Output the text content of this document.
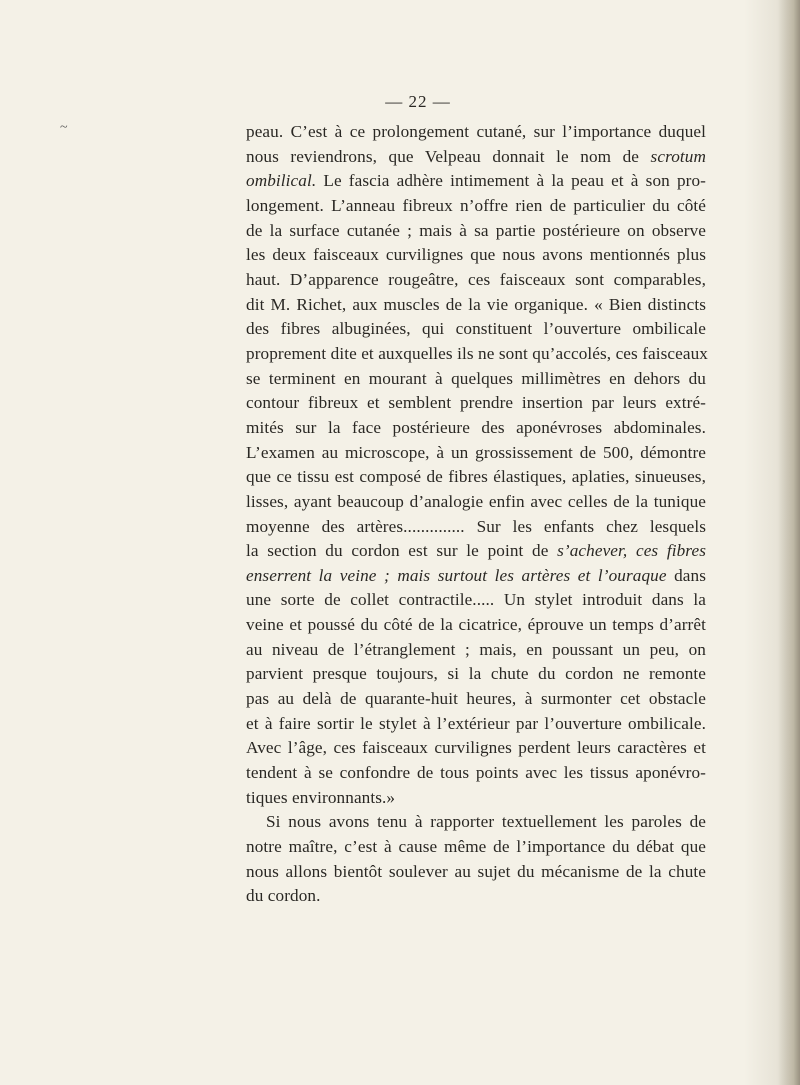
~
— 22 —
peau. C’est à ce prolongement cutané, sur l’importance duquel
nous reviendrons, que Velpeau donnait le nom de scrotum
ombilical. Le fascia adhère intimement à la peau et à son pro-
longement. L’anneau fibreux n’offre rien de particulier du côté
de la surface cutanée ; mais à sa partie postérieure on observe
les deux faisceaux curvilignes que nous avons mentionnés plus
haut. D’apparence rougeâtre, ces faisceaux sont comparables,
dit M. Richet, aux muscles de la vie organique. « Bien distincts
des fibres albuginées, qui constituent l’ouverture ombilicale
proprement dite et auxquelles ils ne sont qu’accolés, ces faisceaux
se terminent en mourant à quelques millimètres en dehors du
contour fibreux et semblent prendre insertion par leurs extré-
mités sur la face postérieure des aponévroses abdominales.
L’examen au microscope, à un grossissement de 500, démontre
que ce tissu est composé de fibres élastiques, aplaties, sinueuses,
lisses, ayant beaucoup d’analogie enfin avec celles de la tunique
moyenne des artères.............. Sur les enfants chez lesquels
la section du cordon est sur le point de s’achever, ces fibres
enserrent la veine ; mais surtout les artères et l’ouraque dans
une sorte de collet contractile..... Un stylet introduit dans la
veine et poussé du côté de la cicatrice, éprouve un temps d’arrêt
au niveau de l’étranglement ; mais, en poussant un peu, on
parvient presque toujours, si la chute du cordon ne remonte
pas au delà de quarante-huit heures, à surmonter cet obstacle
et à faire sortir le stylet à l’extérieur par l’ouverture ombilicale.
Avec l’âge, ces faisceaux curvilignes perdent leurs caractères et
tendent à se confondre de tous points avec les tissus aponévro-
tiques environnants.»
Si nous avons tenu à rapporter textuellement les paroles de
notre maître, c’est à cause même de l’importance du débat que
nous allons bientôt soulever au sujet du mécanisme de la chute
du cordon.
